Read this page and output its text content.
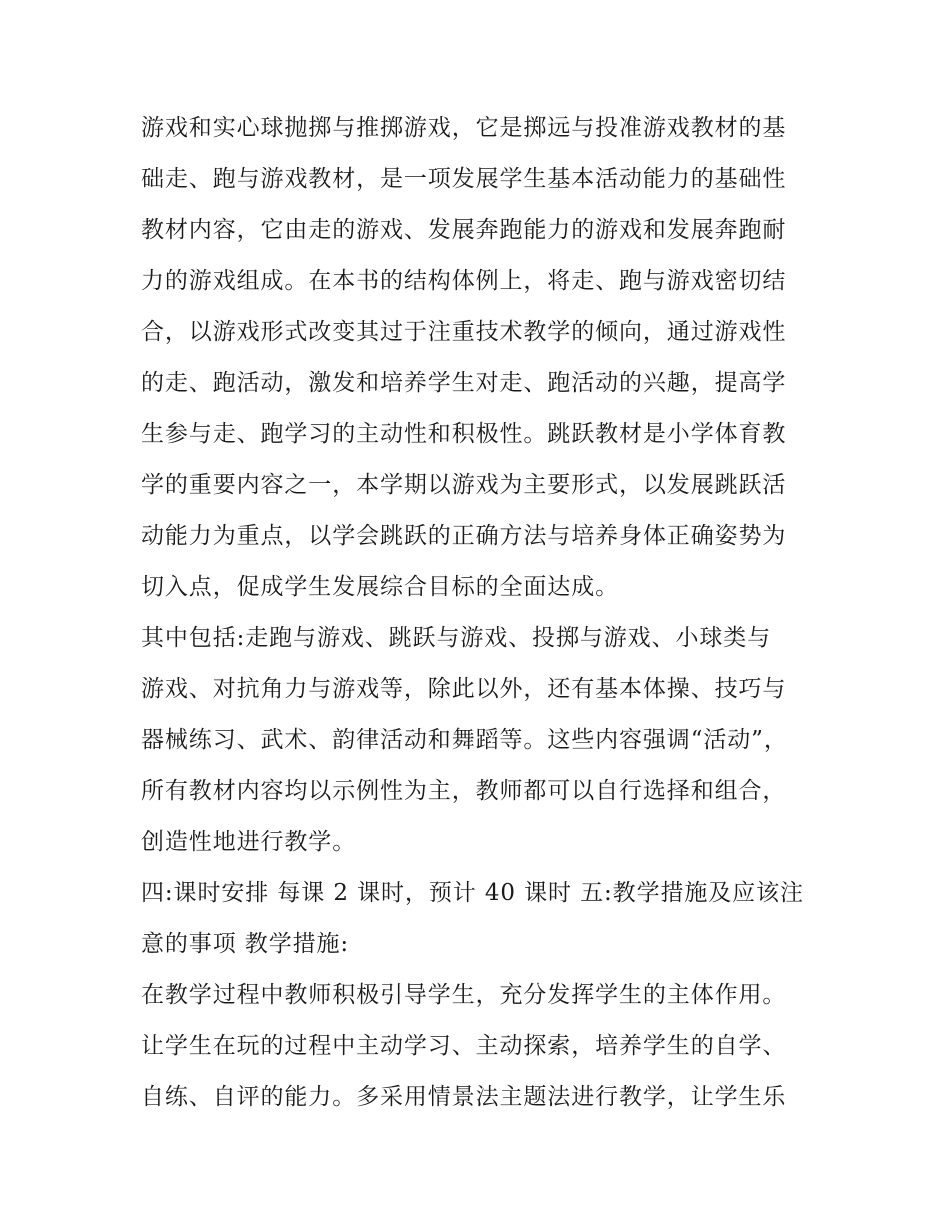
游戏和实心球抛掷与推掷游戏，它是掷远与投准游戏教材的基
础走、跑与游戏教材，是一项发展学生基本活动能力的基础性
教材内容，它由走的游戏、发展奔跑能力的游戏和发展奔跑耐
力的游戏组成。在本书的结构体例上，将走、跑与游戏密切结
合，以游戏形式改变其过于注重技术教学的倾向，通过游戏性
的走、跑活动，激发和培养学生对走、跑活动的兴趣，提高学
生参与走、跑学习的主动性和积极性。跳跃教材是小学体育教
学的重要内容之一，本学期以游戏为主要形式，以发展跳跃活
动能力为重点，以学会跳跃的正确方法与培养身体正确姿势为
切入点，促成学生发展综合目标的全面达成。
其中包括:走跑与游戏、跳跃与游戏、投掷与游戏、小球类与
游戏、对抗角力与游戏等，除此以外，还有基本体操、技巧与
器械练习、武术、韵律活动和舞蹈等。这些内容强调“活动”，
所有教材内容均以示例性为主，教师都可以自行选择和组合，
创造性地进行教学。
四:课时安排 每课 2 课时，预计 40 课时 五:教学措施及应该注
意的事项 教学措施:
在教学过程中教师积极引导学生，充分发挥学生的主体作用。
让学生在玩的过程中主动学习、主动探索，培养学生的自学、
自练、自评的能力。多采用情景法主题法进行教学，让学生乐
